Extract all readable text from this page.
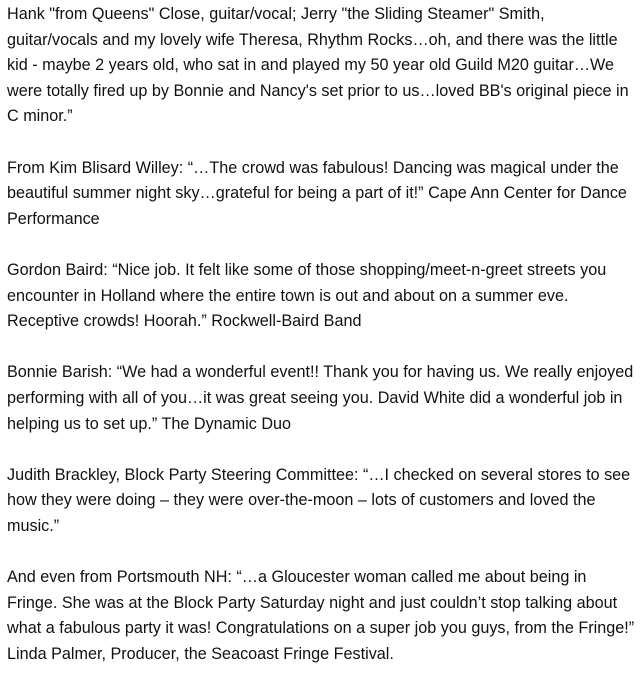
Hank "from Queens" Close, guitar/vocal; Jerry "the Sliding Steamer" Smith, guitar/vocals and my lovely wife Theresa, Rhythm Rocks…oh, and there was the little kid - maybe 2 years old, who sat in and played my 50 year old Guild M20 guitar…We were totally fired up by Bonnie and Nancy's set prior to us…loved BB's original piece in C minor.”

From Kim Blisard Willey: “…The crowd was fabulous! Dancing was magical under the beautiful summer night sky…grateful for being a part of it!” Cape Ann Center for Dance Performance

Gordon Baird: “Nice job. It felt like some of those shopping/meet-n-greet streets you encounter in Holland where the entire town is out and about on a summer eve. Receptive crowds! Hoorah.” Rockwell-Baird Band

Bonnie Barish: “We had a wonderful event!! Thank you for having us. We really enjoyed performing with all of you…it was great seeing you. David White did a wonderful job in helping us to set up.” The Dynamic Duo

Judith Brackley, Block Party Steering Committee: “…I checked on several stores to see how they were doing – they were over-the-moon – lots of customers and loved the music.”

And even from Portsmouth NH: “…a Gloucester woman called me about being in Fringe. She was at the Block Party Saturday night and just couldn’t stop talking about what a fabulous party it was! Congratulations on a super job you guys, from the Fringe!” Linda Palmer, Producer, the Seacoast Fringe Festival.
